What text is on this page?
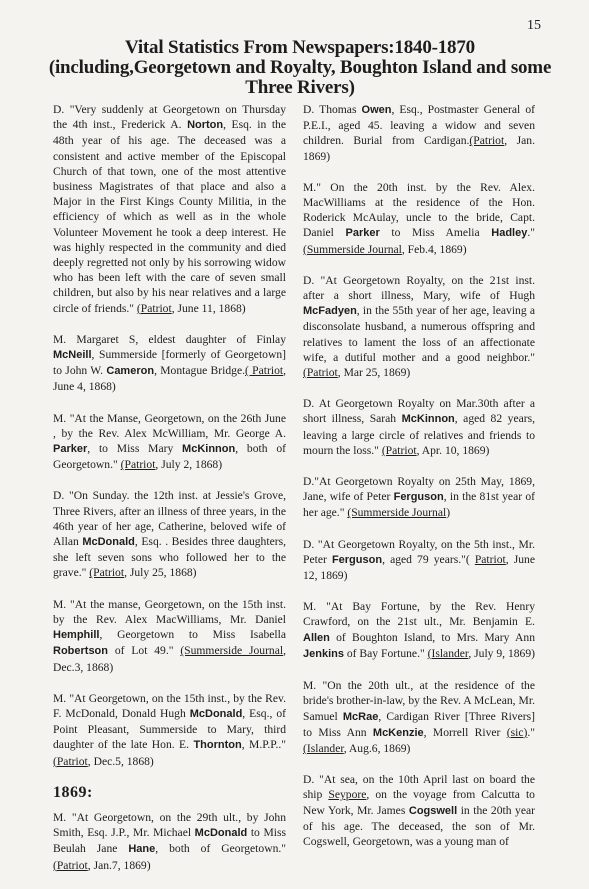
15
Vital Statistics From Newspapers:1840-1870
(including,Georgetown and Royalty, Boughton Island and some
Three Rivers)

D. "Very suddenly at Georgetown on Thursday the 4th inst., Frederick A. Norton, Esq. in the 48th year of his age. The deceased was a consistent and active member of the Episcopal Church of that town, one of the most attentive business Magistrates of that place and also a Major in the First Kings County Militia, in the efficiency of which as well as in the whole Volunteer Movement he took a deep interest. He was highly respected in the community and died deeply regretted not only by his sorrowing widow who has been left with the care of seven small children, but also by his near relatives and a large circle of friends." (Patriot, June 11, 1868)

M. Margaret S, eldest daughter of Finlay McNeill, Summerside [formerly of Georgetown] to John W. Cameron, Montague Bridge.( Patriot, June 4, 1868)

M. "At the Manse, Georgetown, on the 26th June , by the Rev. Alex McWilliam, Mr. George A. Parker, to Miss Mary McKinnon, both of Georgetown." (Patriot, July 2, 1868)

D. "On Sunday. the 12th inst. at Jessie's Grove, Three Rivers, after an illness of three years, in the 46th year of her age, Catherine, beloved wife of Allan McDonald, Esq. . Besides three daughters, she left seven sons who followed her to the grave." (Patriot, July 25, 1868)

M. "At the manse, Georgetown, on the 15th inst. by the Rev. Alex MacWilliams, Mr. Daniel Hemphill, Georgetown to Miss Isabella Robertson of Lot 49." (Summerside Journal, Dec.3, 1868)

M. "At Georgetown, on the 15th inst., by the Rev. F. McDonald, Donald Hugh McDonald, Esq., of Point Pleasant, Summerside to Mary, third daughter of the late Hon. E. Thornton, M.P.P.." (Patriot, Dec.5, 1868)

1869:

M. "At Georgetown, on the 29th ult., by John Smith, Esq. J.P., Mr. Michael McDonald to Miss Beulah Jane Hane, both of Georgetown." (Patriot, Jan.7, 1869)

D. Thomas Owen, Esq., Postmaster General of P.E.I., aged 45. leaving a widow and seven children. Burial from Cardigan.(Patriot, Jan. 1869)

M." On the 20th inst. by the Rev. Alex. MacWilliams at the residence of the Hon. Roderick McAulay, uncle to the bride, Capt. Daniel Parker to Miss Amelia Hadley." (Summerside Journal, Feb.4, 1869)

D. "At Georgetown Royalty, on the 21st inst. after a short illness, Mary, wife of Hugh McFadyen, in the 55th year of her age, leaving a disconsolate husband, a numerous offspring and relatives to lament the loss of an affectionate wife, a dutiful mother and a good neighbor." (Patriot, Mar 25, 1869)

D. At Georgetown Royalty on Mar.30th after a short illness, Sarah McKinnon, aged 82 years, leaving a large circle of relatives and friends to mourn the loss." (Patriot, Apr. 10, 1869)

D."At Georgetown Royalty on 25th May, 1869, Jane, wife of Peter Ferguson, in the 81st year of her age." (Summerside Journal)

D. "At Georgetown Royalty, on the 5th inst., Mr. Peter Ferguson, aged 79 years."( Patriot, June 12, 1869)

M. "At Bay Fortune, by the Rev. Henry Crawford, on the 21st ult., Mr. Benjamin E. Allen of Boughton Island, to Mrs. Mary Ann Jenkins of Bay Fortune." (Islander, July 9, 1869)

M. "On the 20th ult., at the residence of the bride's brother-in-law, by the Rev. A McLean, Mr. Samuel McRae, Cardigan River [Three Rivers] to Miss Ann McKenzie, Morrell River (sic)." (Islander, Aug.6, 1869)

D. "At sea, on the 10th April last on board the ship Seypore, on the voyage from Calcutta to New York, Mr. James Cogswell in the 20th year of his age. The deceased, the son of Mr. Cogswell, Georgetown, was a young man of
